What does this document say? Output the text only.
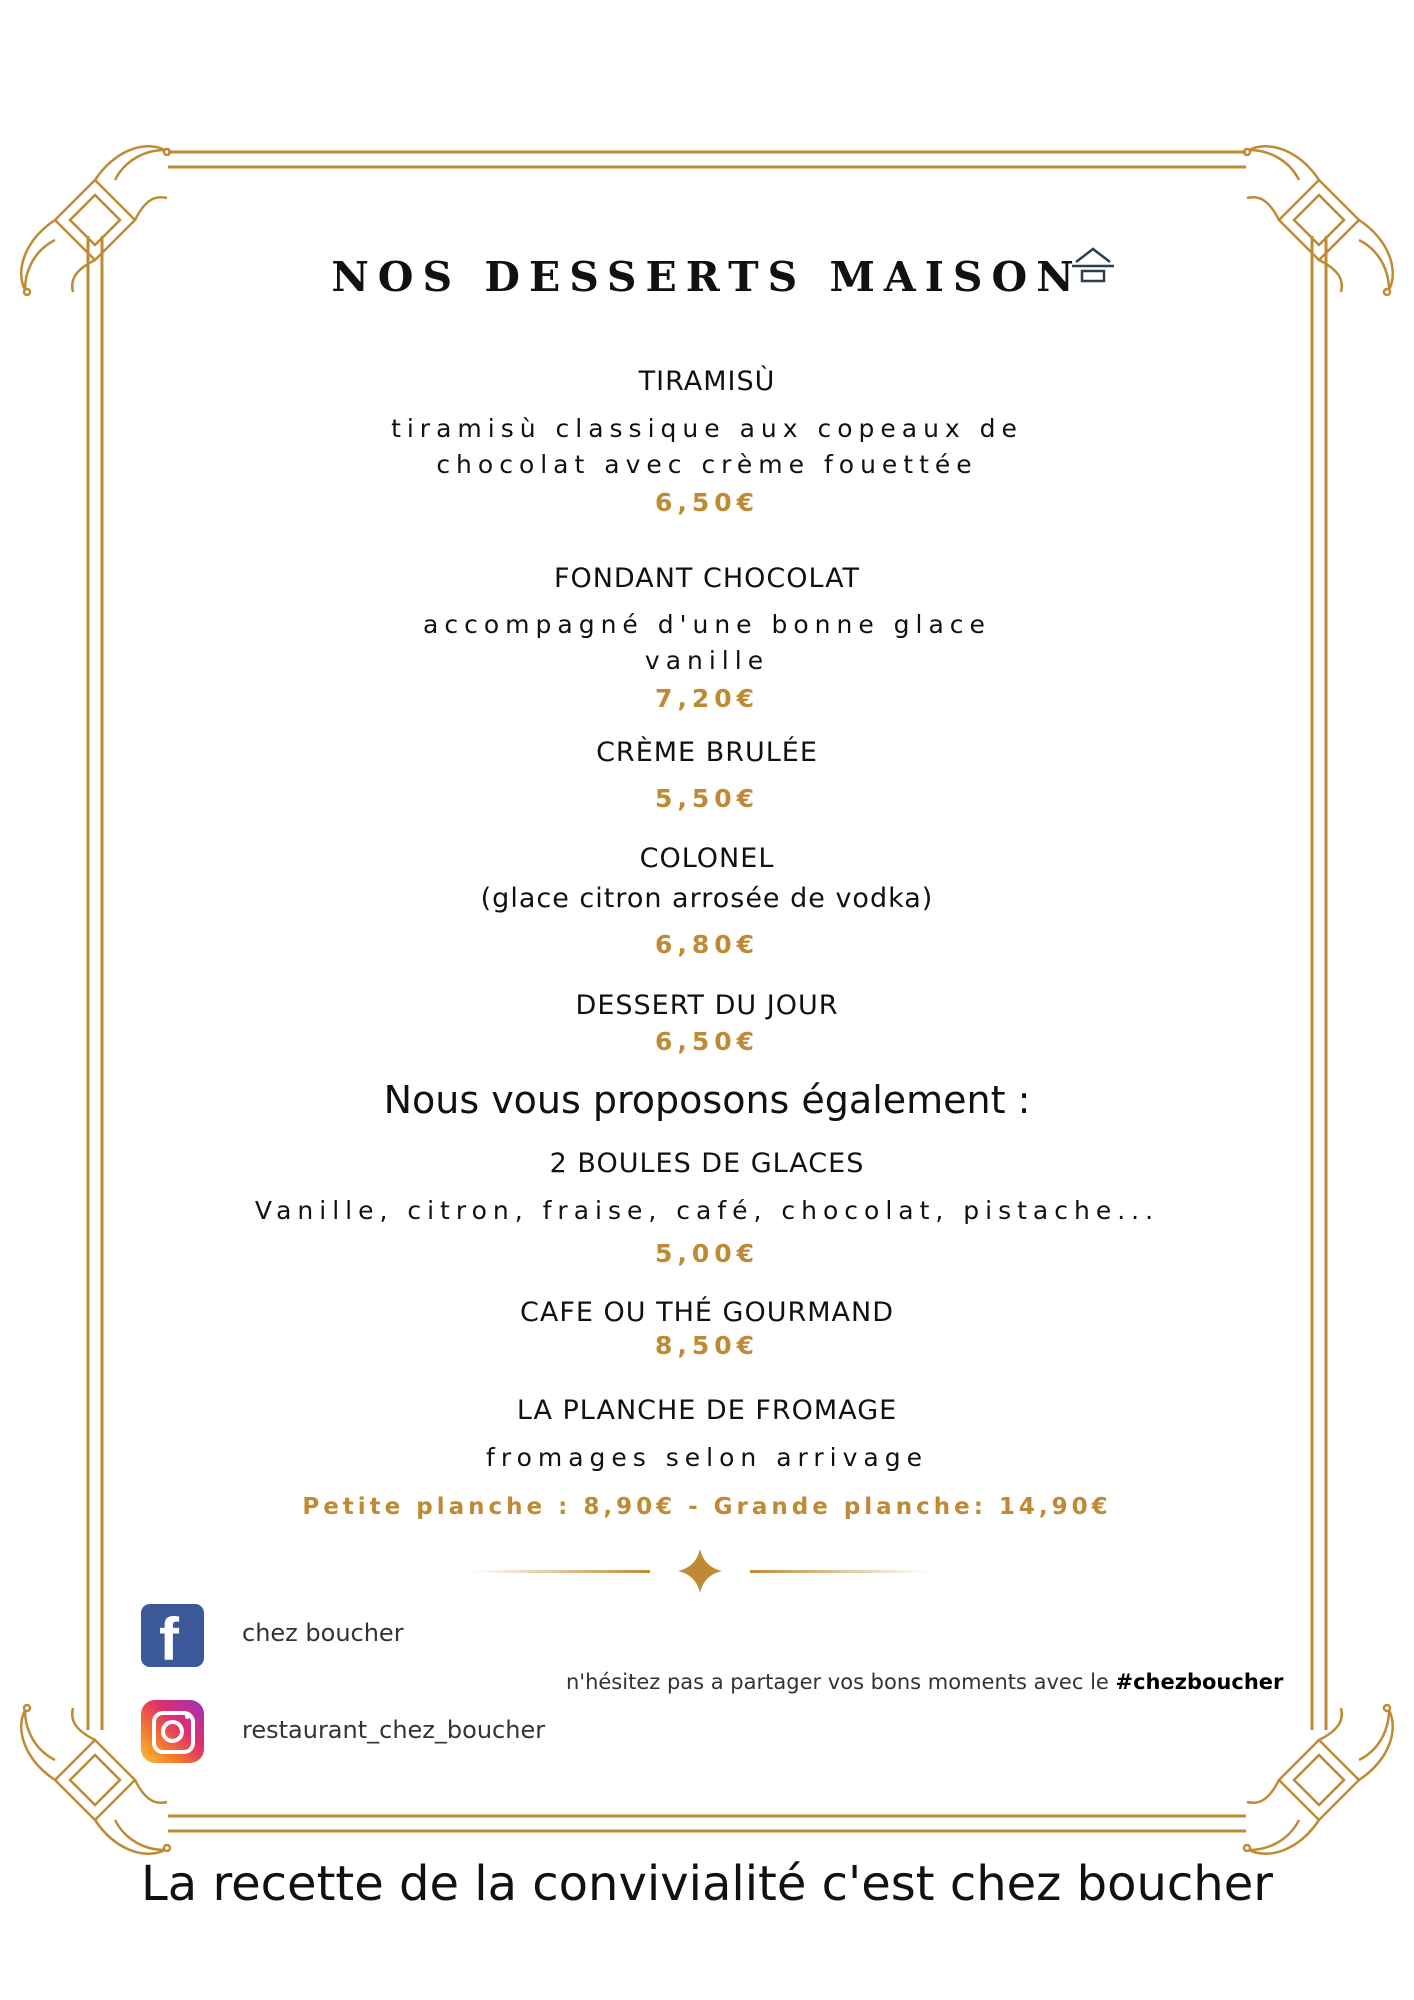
NOS DESSERTS MAISON
TIRAMISÙ
tiramisù classique aux copeaux de
chocolat avec crème fouettée
6,50€
FONDANT CHOCOLAT
accompagné d'une bonne glace
vanille
7,20€
CRÈME BRULÉE
5,50€
COLONEL
(glace citron arrosée de vodka)
6,80€
DESSERT DU JOUR
6,50€
Nous vous proposons également :
2 BOULES DE GLACES
Vanille, citron, fraise, café, chocolat, pistache...
5,00€
CAFE OU THÉ GOURMAND
8,50€
LA PLANCHE DE FROMAGE
fromages selon arrivage
Petite planche : 8,90€ - Grande planche: 14,90€
f	chez boucher
n'hésitez pas a partager vos bons moments avec le #chezboucher
restaurant_chez_boucher
La recette de la convivialité c'est chez boucher
